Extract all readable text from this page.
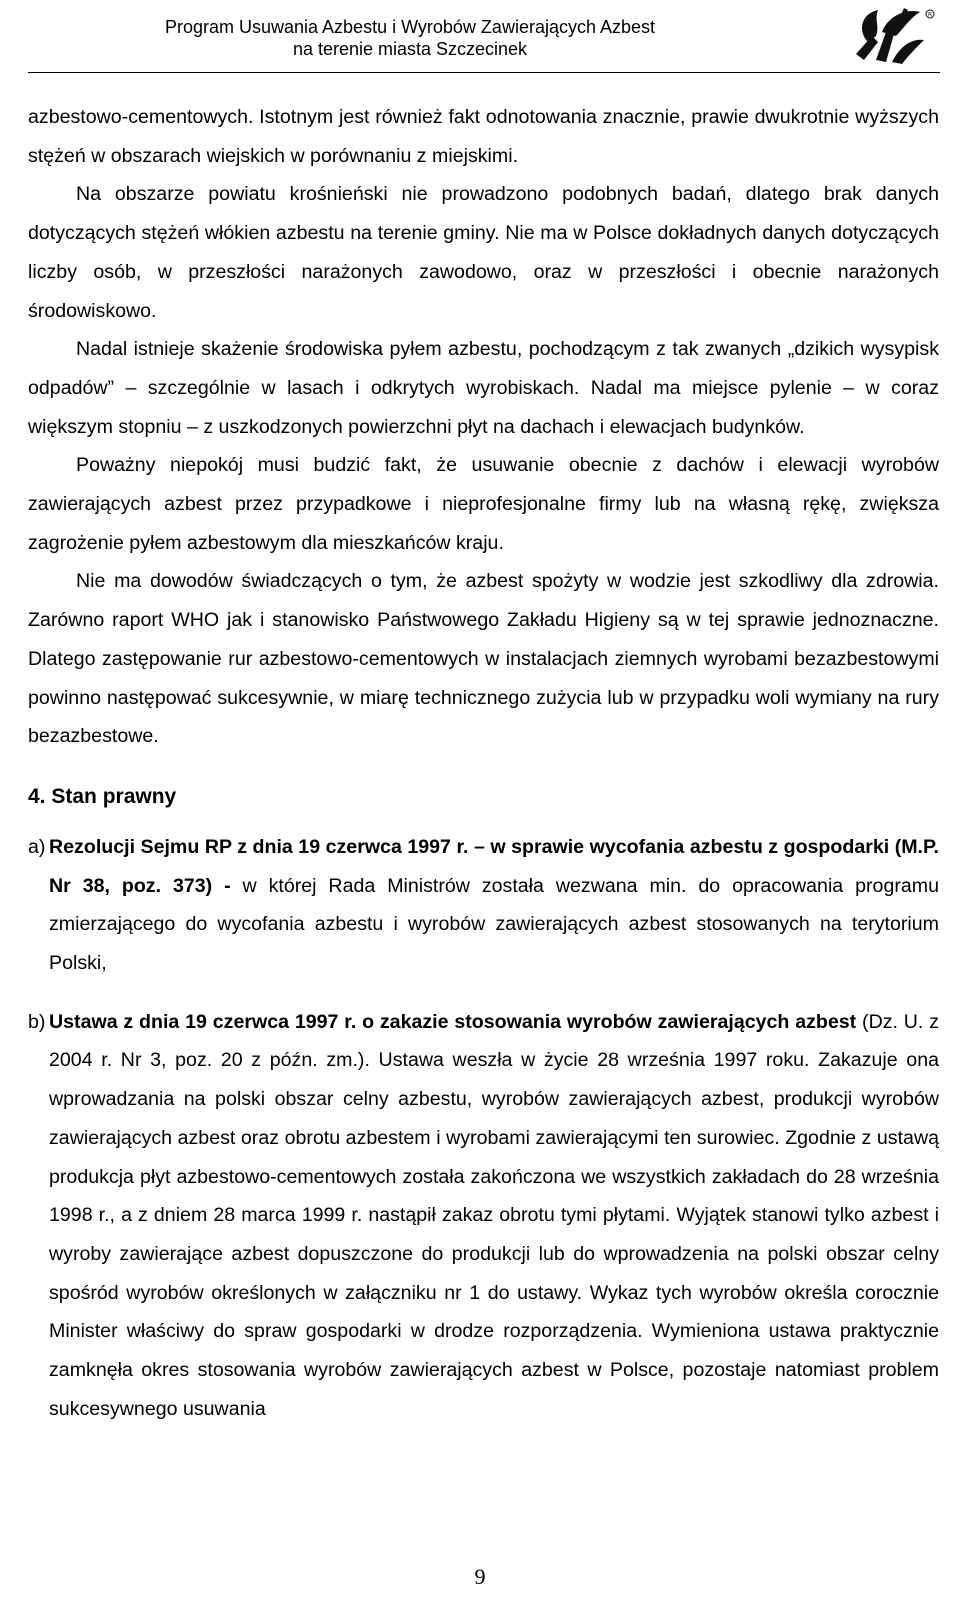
Program Usuwania Azbestu i Wyrobów Zawierających Azbest
na terenie miasta Szczecinek
R

azbestowo-cementowych. Istotnym jest również fakt odnotowania znacznie, prawie dwukrotnie wyższych stężeń w obszarach wiejskich w porównaniu z miejskimi.

Na obszarze powiatu krośnieński nie prowadzono podobnych badań, dlatego brak danych dotyczących stężeń włókien azbestu na terenie gminy. Nie ma w Polsce dokładnych danych dotyczących liczby osób, w przeszłości narażonych zawodowo, oraz w przeszłości i obecnie narażonych środowiskowo.

Nadal istnieje skażenie środowiska pyłem azbestu, pochodzącym z tak zwanych „dzikich wysypisk odpadów” – szczególnie w lasach i odkrytych wyrobiskach. Nadal ma miejsce pylenie – w coraz większym stopniu – z uszkodzonych powierzchni płyt na dachach i elewacjach budynków.

Poważny niepokój musi budzić fakt, że usuwanie obecnie z dachów i elewacji wyrobów zawierających azbest przez przypadkowe i nieprofesjonalne firmy lub na własną rękę, zwiększa zagrożenie pyłem azbestowym dla mieszkańców kraju.

Nie ma dowodów świadczących o tym, że azbest spożyty w wodzie jest szkodliwy dla zdrowia. Zarówno raport WHO jak i stanowisko Państwowego Zakładu Higieny są w tej sprawie jednoznaczne. Dlatego zastępowanie rur azbestowo-cementowych w instalacjach ziemnych wyrobami bezazbestowymi powinno następować sukcesywnie, w miarę technicznego zużycia lub w przypadku woli wymiany na rury bezazbestowe.

4. Stan prawny
a) Rezolucji Sejmu RP z dnia 19 czerwca 1997 r. – w sprawie wycofania azbestu z gospodarki (M.P. Nr 38, poz. 373) - w której Rada Ministrów została wezwana min. do opracowania programu zmierzającego do wycofania azbestu i wyrobów zawierających azbest stosowanych na terytorium Polski,
b) Ustawa z dnia 19 czerwca 1997 r. o zakazie stosowania wyrobów zawierających azbest (Dz. U. z 2004 r. Nr 3, poz. 20 z późn. zm.). Ustawa weszła w życie 28 września 1997 roku. Zakazuje ona wprowadzania na polski obszar celny azbestu, wyrobów zawierających azbest, produkcji wyrobów zawierających azbest oraz obrotu azbestem i wyrobami zawierającymi ten surowiec. Zgodnie z ustawą produkcja płyt azbestowo-cementowych została zakończona we wszystkich zakładach do 28 września 1998 r., a z dniem 28 marca 1999 r. nastąpił zakaz obrotu tymi płytami. Wyjątek stanowi tylko azbest i wyroby zawierające azbest dopuszczone do produkcji lub do wprowadzenia na polski obszar celny spośród wyrobów określonych w załączniku nr 1 do ustawy. Wykaz tych wyrobów określa corocznie Minister właściwy do spraw gospodarki w drodze rozporządzenia. Wymieniona ustawa praktycznie zamknęła okres stosowania wyrobów zawierających azbest w Polsce, pozostaje natomiast problem sukcesywnego usuwania
9
